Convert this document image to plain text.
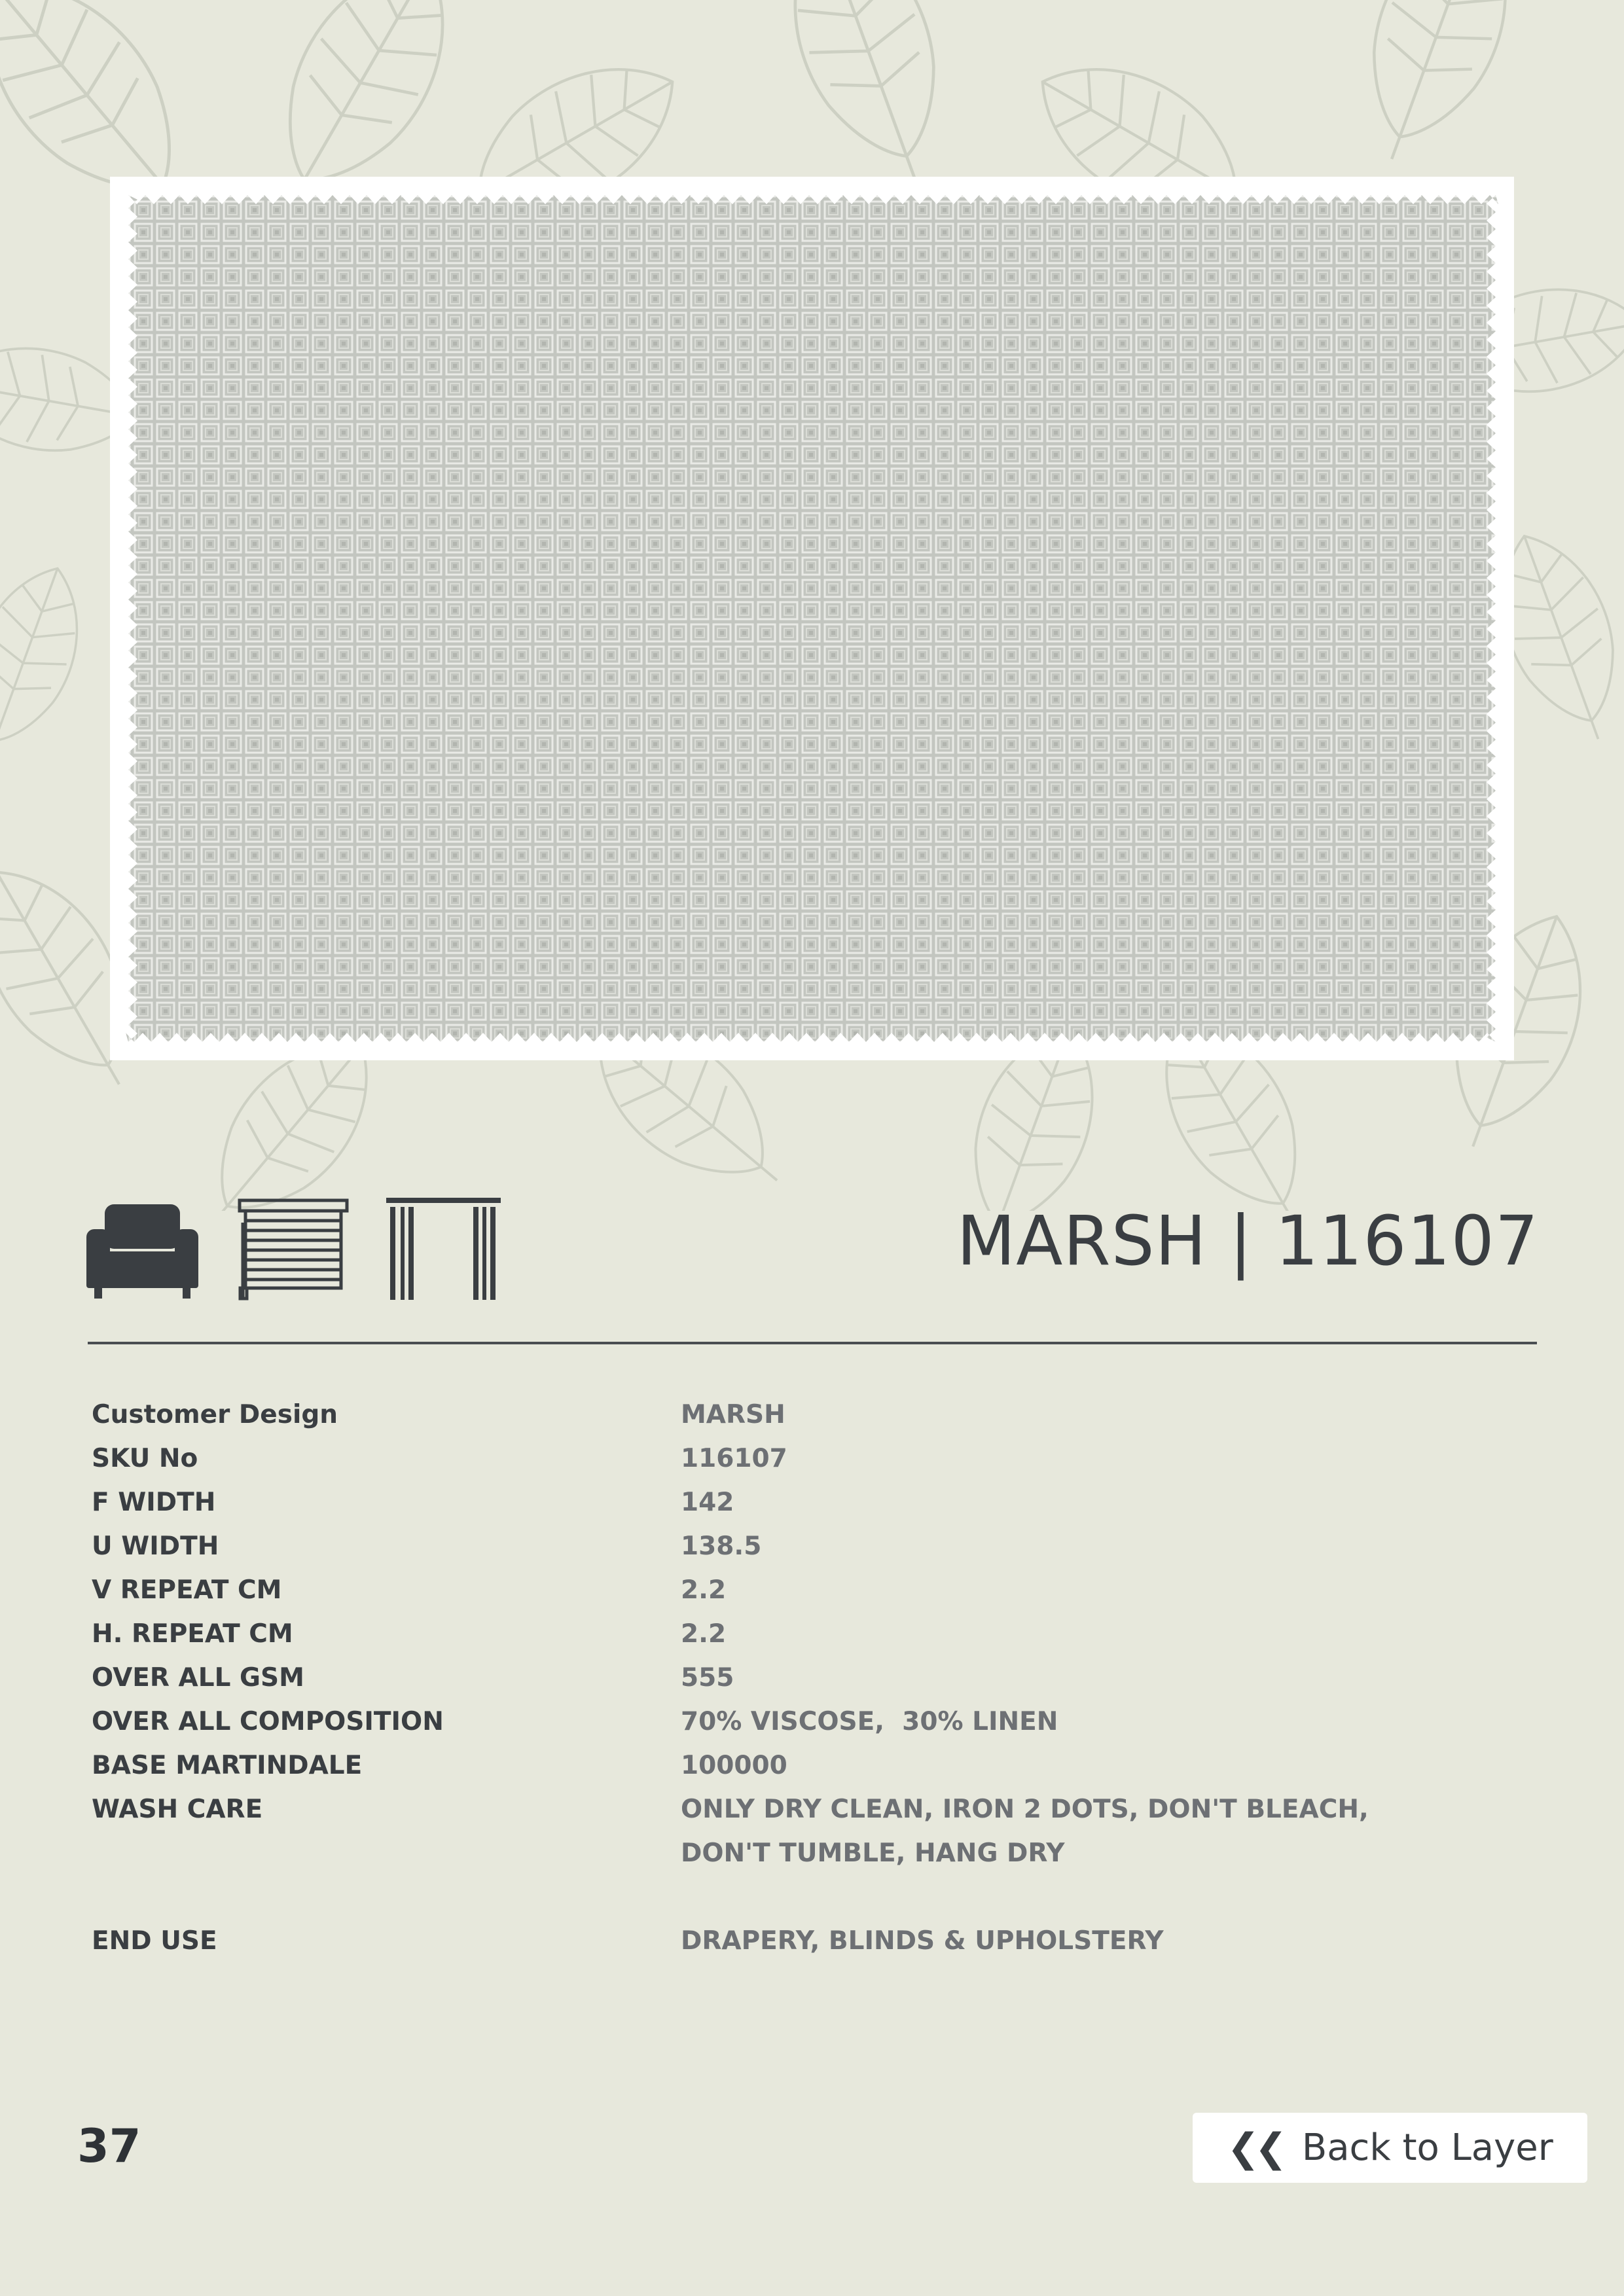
MARSH | 116107
Customer Design	MARSH
SKU No	116107
F WIDTH	142
U WIDTH	138.5
V REPEAT CM	2.2
H. REPEAT CM	2.2
OVER ALL GSM	555
OVER ALL COMPOSITION	70% VISCOSE,  30% LINEN
BASE MARTINDALE	100000
WASH CARE	ONLY DRY CLEAN, IRON 2 DOTS, DON'T BLEACH,
DON'T TUMBLE, HANG DRY
END USE	DRAPERY, BLINDS & UPHOLSTERY
37	❮❮ Back to Layer
